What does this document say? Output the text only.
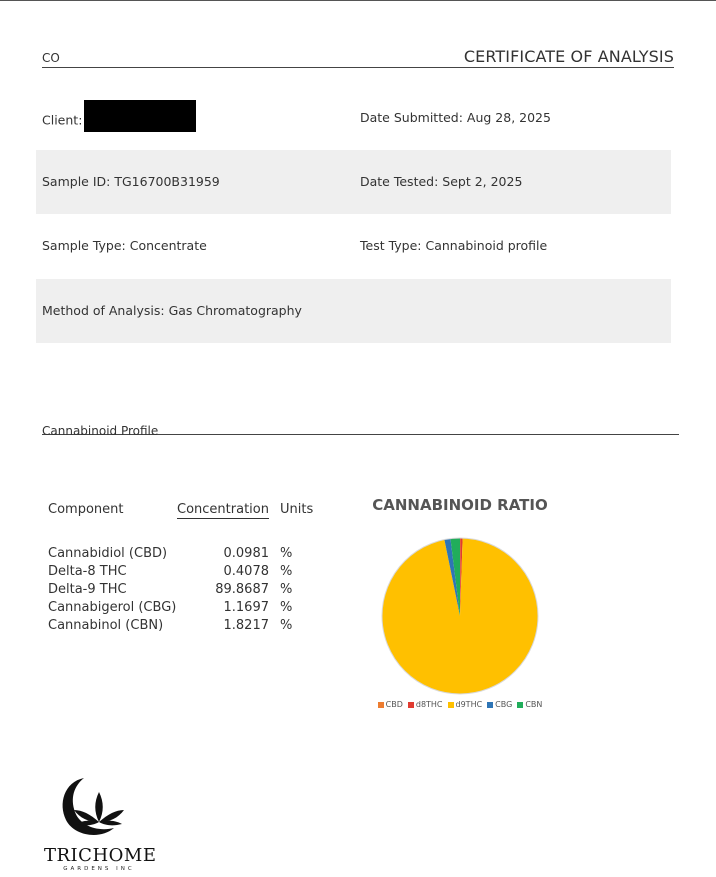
CO	CERTIFICATE OF ANALYSIS
Client:	Date Submitted: Aug 28, 2025
Sample ID: TG16700B31959	Date Tested: Sept 2, 2025
Sample Type: Concentrate	Test Type: Cannabinoid profile
Method of Analysis: Gas Chromatography
Cannabinoid Profile
Component	Concentration Units
Cannabidiol (CBD)	0.0981 %
Delta-8 THC	0.4078 %
Delta-9 THC	89.8687 %
Cannabigerol (CBG)	1.1697 %
Cannabinol (CBN)	1.8217 %
CANNABINOID RATIO
CBD d8THC d9THC CBG CBN
TRICHOME
GARDENS INC
